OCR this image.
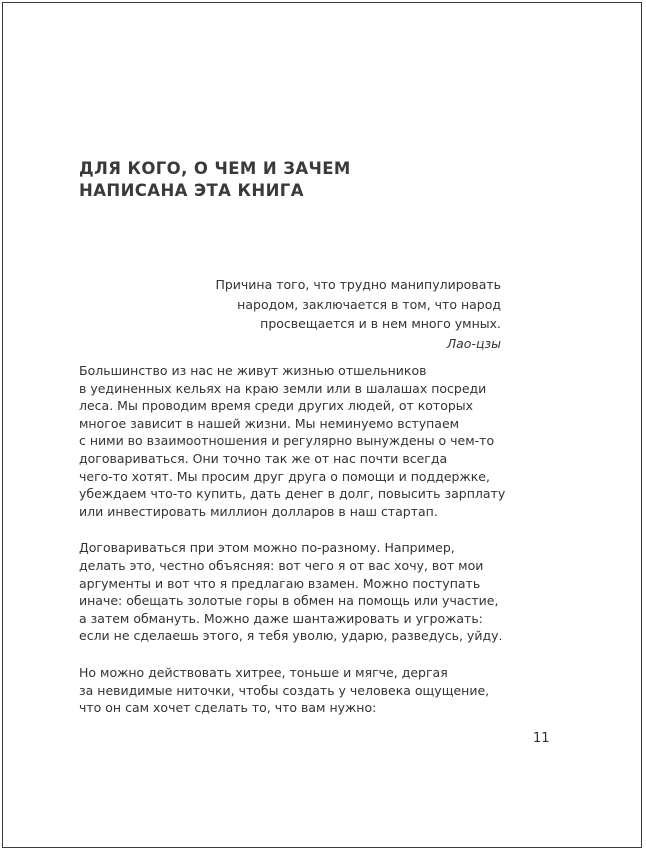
ДЛЯ КОГО, О ЧЕМ И ЗАЧЕМ
НАПИСАНА ЭТА КНИГА
Причина того, что трудно манипулировать
народом, заключается в том, что народ
просвещается и в нем много умных.
Лао-цзы

Большинство из нас не живут жизнью отшельников
в уединенных кельях на краю земли или в шалашах посреди
леса. Мы проводим время среди других людей, от которых
многое зависит в нашей жизни. Мы неминуемо вступаем
с ними во взаимоотношения и регулярно вынуждены о чем-то
договариваться. Они точно так же от нас почти всегда
чего-то хотят. Мы просим друг друга о помощи и поддержке,
убеждаем что-то купить, дать денег в долг, повысить зарплату
или инвестировать миллион долларов в наш стартап.

Договариваться при этом можно по-разному. Например,
делать это, честно объясняя: вот чего я от вас хочу, вот мои
аргументы и вот что я предлагаю взамен. Можно поступать
иначе: обещать золотые горы в обмен на помощь или участие,
а затем обмануть. Можно даже шантажировать и угрожать:
если не сделаешь этого, я тебя уволю, ударю, разведусь, уйду.

Но можно действовать хитрее, тоньше и мягче, дергая
за невидимые ниточки, чтобы создать у человека ощущение,
что он сам хочет сделать то, что вам нужно:

11
